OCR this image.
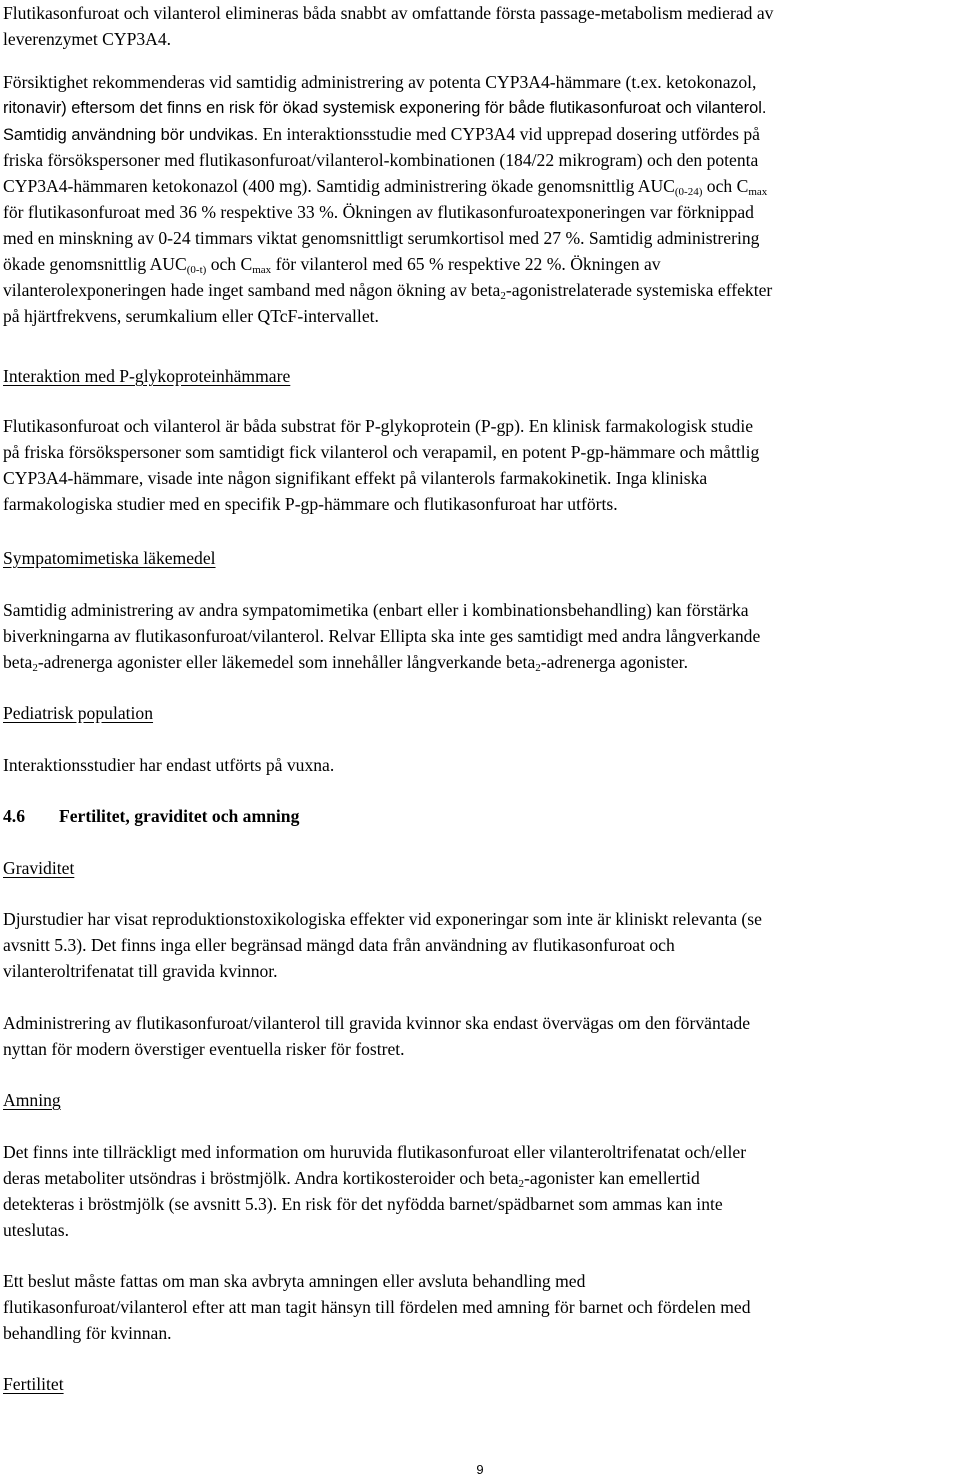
Flutikasonfuroat och vilanterol elimineras båda snabbt av omfattande första passage-metabolism medierad av
leverenzymet CYP3A4.

Försiktighet rekommenderas vid samtidig administrering av potenta CYP3A4-hämmare (t.ex. ketokonazol,
ritonavir) eftersom det finns en risk för ökad systemisk exponering för både flutikasonfuroat och vilanterol.
Samtidig användning bör undvikas. En interaktionsstudie med CYP3A4 vid upprepad dosering utfördes på
friska försökspersoner med flutikasonfuroat/vilanterol-kombinationen (184/22 mikrogram) och den potenta
CYP3A4-hämmaren ketokonazol (400 mg). Samtidig administrering ökade genomsnittlig $AUC_{(0-24)}$ och $C_{max}$
för flutikasonfuroat med 36 % respektive 33 %. Ökningen av flutikasonfuroatexponeringen var förknippad
med en minskning av 0-24 timmars viktat genomsnittligt serumkortisol med 27 %. Samtidig administrering
ökade genomsnittlig $AUC_{(0-t)}$ och $C_{max}$ för vilanterol med 65 % respektive 22 %. Ökningen av
vilanterolexponeringen hade inget samband med någon ökning av beta$_2$-agonistrelaterade systemiska effekter
på hjärtfrekvens, serumkalium eller QTcF-intervallet.

Interaktion med P-glykoproteinhämmare

Flutikasonfuroat och vilanterol är båda substrat för P-glykoprotein (P-gp). En klinisk farmakologisk studie
på friska försökspersoner som samtidigt fick vilanterol och verapamil, en potent P-gp-hämmare och måttlig
CYP3A4-hämmare, visade inte någon signifikant effekt på vilanterols farmakokinetik. Inga kliniska
farmakologiska studier med en specifik P-gp-hämmare och flutikasonfuroat har utförts.

Sympatomimetiska läkemedel

Samtidig administrering av andra sympatomimetika (enbart eller i kombinationsbehandling) kan förstärka
biverkningarna av flutikasonfuroat/vilanterol. Relvar Ellipta ska inte ges samtidigt med andra långverkande
beta$_2$-adrenerga agonister eller läkemedel som innehåller långverkande beta$_2$-adrenerga agonister.

Pediatrisk population

Interaktionsstudier har endast utförts på vuxna.

4.6 Fertilitet, graviditet och amning

Graviditet

Djurstudier har visat reproduktionstoxikologiska effekter vid exponeringar som inte är kliniskt relevanta (se
avsnitt 5.3). Det finns inga eller begränsad mängd data från användning av flutikasonfuroat och
vilanteroltrifenatat till gravida kvinnor.

Administrering av flutikasonfuroat/vilanterol till gravida kvinnor ska endast övervägas om den förväntade
nyttan för modern överstiger eventuella risker för fostret.

Amning

Det finns inte tillräckligt med information om huruvida flutikasonfuroat eller vilanteroltrifenatat och/eller
deras metaboliter utsöndras i bröstmjölk. Andra kortikosteroider och beta$_2$-agonister kan emellertid
detekteras i bröstmjölk (se avsnitt 5.3). En risk för det nyfödda barnet/spädbarnet som ammas kan inte
uteslutas.

Ett beslut måste fattas om man ska avbryta amningen eller avsluta behandling med
flutikasonfuroat/vilanterol efter att man tagit hänsyn till fördelen med amning för barnet och fördelen med
behandling för kvinnan.

Fertilitet

9
